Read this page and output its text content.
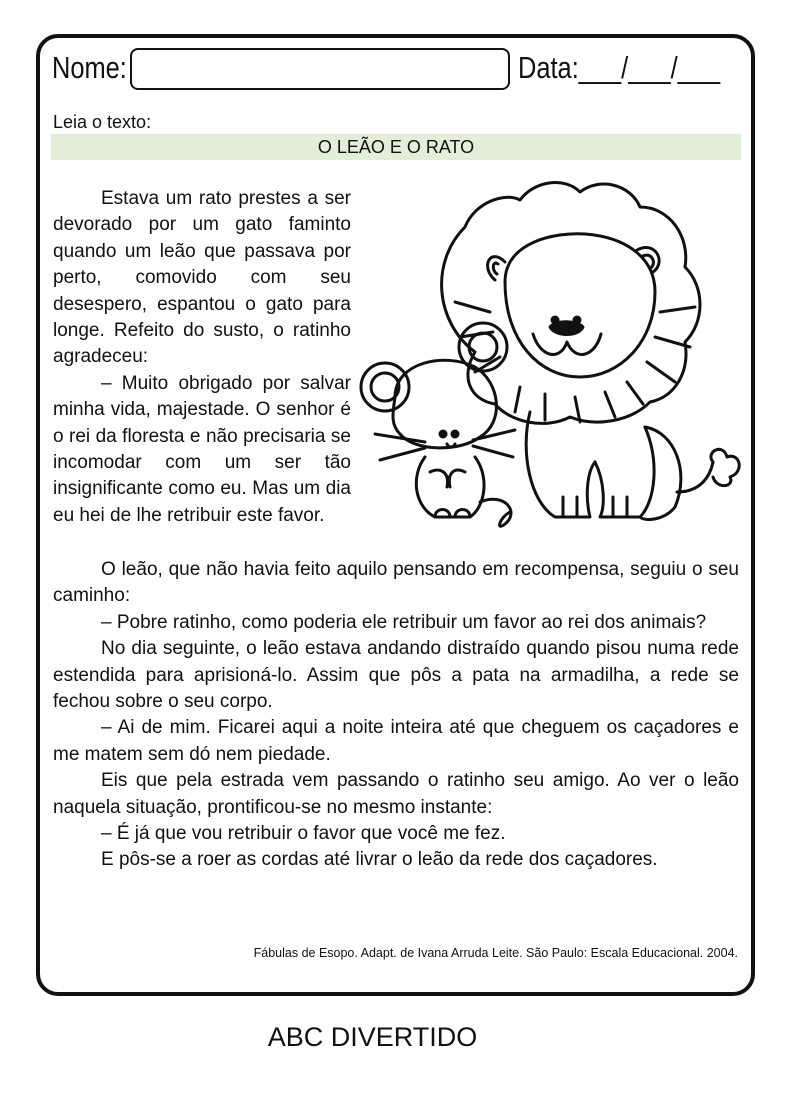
Nome:	Data:___/___/___
Leia o texto:
O LEÃO E O RATO

Estava um rato prestes a ser devorado por um gato faminto quando um leão que passava por perto, comovido com seu desespero, espantou o gato para longe. Refeito do susto, o ratinho agradeceu:

– Muito obrigado por salvar minha vida, majestade. O senhor é o rei da floresta e não precisaria se incomodar com um ser tão insignificante como eu. Mas um dia eu hei de lhe retribuir este favor.

O leão, que não havia feito aquilo pensando em recompensa, seguiu o seu caminho:

– Pobre ratinho, como poderia ele retribuir um favor ao rei dos animais?

No dia seguinte, o leão estava andando distraído quando pisou numa rede estendida para aprisioná-lo. Assim que pôs a pata na armadilha, a rede se fechou sobre o seu corpo.

– Ai de mim. Ficarei aqui a noite inteira até que cheguem os caçadores e me matem sem dó nem piedade.

Eis que pela estrada vem passando o ratinho seu amigo. Ao ver o leão naquela situação, prontificou-se no mesmo instante:

– É já que vou retribuir o favor que você me fez.

E pôs-se a roer as cordas até livrar o leão da rede dos caçadores.

Fábulas de Esopo. Adapt. de Ivana Arruda Leite. São Paulo: Escala Educacional. 2004.
ABC DIVERTIDO
